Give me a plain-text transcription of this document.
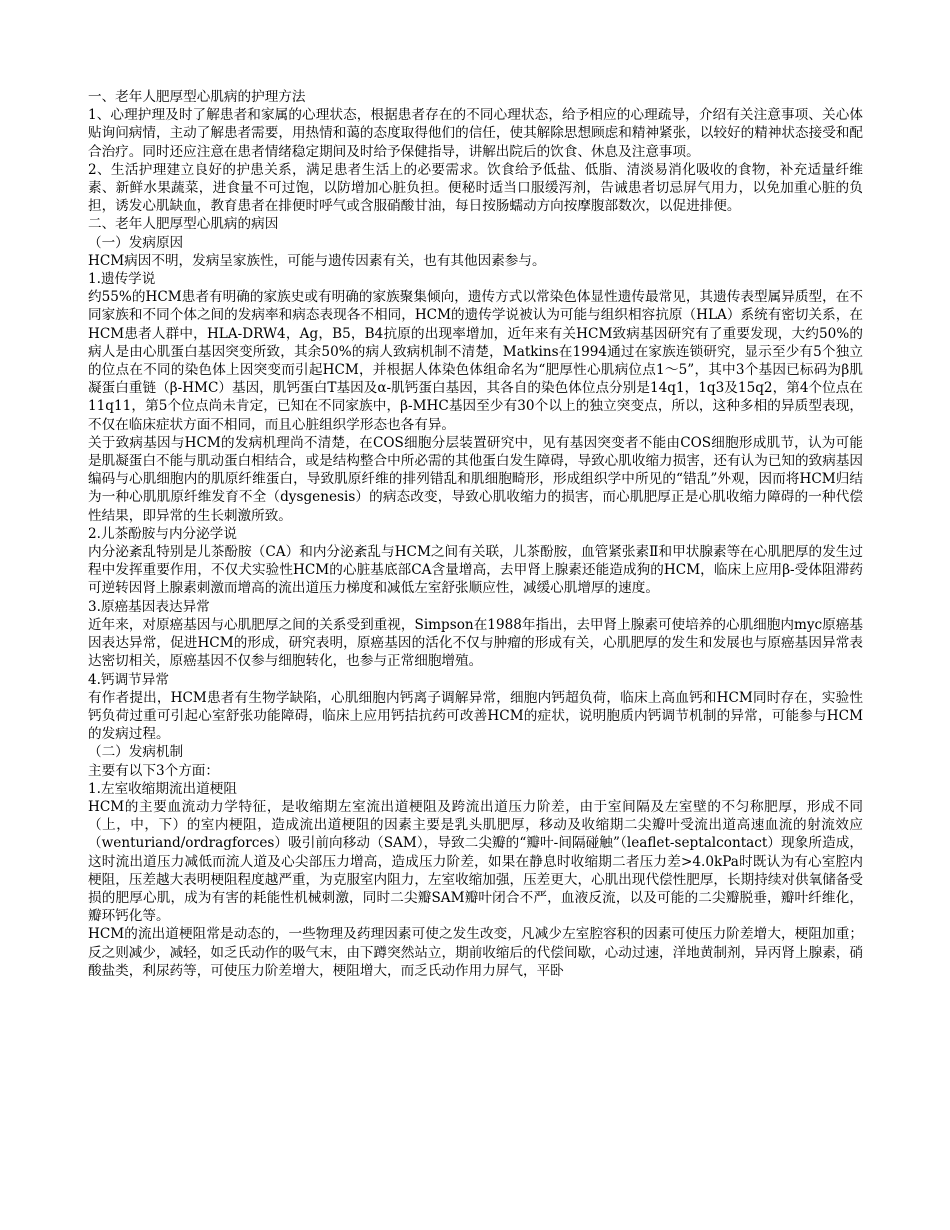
一、老年人肥厚型心肌病的护理方法

1、心理护理及时了解患者和家属的心理状态，根据患者存在的不同心理状态，给予相应的心理疏导，介绍有关注意事项、关心体贴询问病情，主动了解患者需要，用热情和蔼的态度取得他们的信任，使其解除思想顾虑和精神紧张，以较好的精神状态接受和配合治疗。同时还应注意在患者情绪稳定期间及时给予保健指导，讲解出院后的饮食、休息及注意事项。

2、生活护理建立良好的护患关系，满足患者生活上的必要需求。饮食给予低盐、低脂、清淡易消化吸收的食物，补充适量纤维素、新鲜水果蔬菜，进食量不可过饱，以防增加心脏负担。便秘时适当口服缓泻剂，告诫患者切忌屏气用力，以免加重心脏的负担，诱发心肌缺血，教育患者在排便时呼气或含服硝酸甘油，每日按肠蠕动方向按摩腹部数次，以促进排便。

二、老年人肥厚型心肌病的病因

（一）发病原因

HCM病因不明，发病呈家族性，可能与遗传因素有关，也有其他因素参与。

1.遗传学说

约55%的HCM患者有明确的家族史或有明确的家族聚集倾向，遗传方式以常染色体显性遗传最常见，其遗传表型属异质型，在不同家族和不同个体之间的发病率和病态表现各不相同，HCM的遗传学说被认为可能与组织相容抗原（HLA）系统有密切关系，在HCM患者人群中，HLA-DRW4，Ag，B5，B4抗原的出现率增加，近年来有关HCM致病基因研究有了重要发现，大约50%的病人是由心肌蛋白基因突变所致，其余50%的病人致病机制不清楚，Matkins在1994通过在家族连锁研究，显示至少有5个独立的位点在不同的染色体上因突变而引起HCM，并根据人体染色体组命名为“肥厚性心肌病位点1～5”，其中3个基因已标码为β肌凝蛋白重链（β-HMC）基因，肌钙蛋白T基因及α-肌钙蛋白基因，其各自的染色体位点分别是14q1，1q3及15q2，第4个位点在11q11，第5个位点尚未肯定，已知在不同家族中，β-MHC基因至少有30个以上的独立突变点，所以，这种多相的异质型表现，不仅在临床症状方面不相同，而且心脏组织学形态也各有异。

关于致病基因与HCM的发病机理尚不清楚，在COS细胞分层装置研究中，见有基因突变者不能由COS细胞形成肌节，认为可能是肌凝蛋白不能与肌动蛋白相结合，或是结构整合中所必需的其他蛋白发生障碍，导致心肌收缩力损害，还有认为已知的致病基因编码与心肌细胞内的肌原纤维蛋白，导致肌原纤维的排列错乱和肌细胞畸形，形成组织学中所见的“错乱”外观，因而将HCM归结为一种心肌肌原纤维发育不全（dysgenesis）的病态改变，导致心肌收缩力的损害，而心肌肥厚正是心肌收缩力障碍的一种代偿性结果，即异常的生长刺激所致。

2.儿茶酚胺与内分泌学说

内分泌紊乱特别是儿茶酚胺（CA）和内分泌紊乱与HCM之间有关联，儿茶酚胺，血管紧张素Ⅱ和甲状腺素等在心肌肥厚的发生过程中发挥重要作用，不仅犬实验性HCM的心脏基底部CA含量增高，去甲肾上腺素还能造成狗的HCM，临床上应用β-受体阻滞药可逆转因肾上腺素刺激而增高的流出道压力梯度和减低左室舒张顺应性，减缓心肌增厚的速度。

3.原癌基因表达异常

近年来，对原癌基因与心肌肥厚之间的关系受到重视，Simpson在1988年指出，去甲肾上腺素可使培养的心肌细胞内myc原癌基因表达异常，促进HCM的形成，研究表明，原癌基因的活化不仅与肿瘤的形成有关，心肌肥厚的发生和发展也与原癌基因异常表达密切相关，原癌基因不仅参与细胞转化，也参与正常细胞增殖。

4.钙调节异常

有作者提出，HCM患者有生物学缺陷，心肌细胞内钙离子调解异常，细胞内钙超负荷，临床上高血钙和HCM同时存在，实验性钙负荷过重可引起心室舒张功能障碍，临床上应用钙拮抗药可改善HCM的症状，说明胞质内钙调节机制的异常，可能参与HCM的发病过程。

（二）发病机制

主要有以下3个方面：

1.左室收缩期流出道梗阻

HCM的主要血流动力学特征，是收缩期左室流出道梗阻及跨流出道压力阶差，由于室间隔及左室壁的不匀称肥厚，形成不同（上，中，下）的室内梗阻，造成流出道梗阻的因素主要是乳头肌肥厚，移动及收缩期二尖瓣叶受流出道高速血流的射流效应（wenturiand/ordragforces）吸引前向移动（SAM），导致二尖瓣的“瓣叶-间隔碰触”（leaflet-septalcontact）现象所造成，这时流出道压力减低而流人道及心尖部压力增高，造成压力阶差，如果在静息时收缩期二者压力差>4.0kPa时既认为有心室腔内梗阻，压差越大表明梗阻程度越严重，为克服室内阻力，左室收缩加强，压差更大，心肌出现代偿性肥厚，长期持续对供氧储备受损的肥厚心肌，成为有害的耗能性机械刺激，同时二尖瓣SAM瓣叶闭合不严，血液反流，以及可能的二尖瓣脱垂，瓣叶纤维化，瓣环钙化等。

HCM的流出道梗阻常是动态的，一些物理及药理因素可使之发生改变，凡减少左室腔容积的因素可使压力阶差增大，梗阻加重；反之则减少，减轻，如乏氏动作的吸气末，由下蹲突然站立，期前收缩后的代偿间歇，心动过速，洋地黄制剂，异丙肾上腺素，硝酸盐类，利尿药等，可使压力阶差增大，梗阻增大，而乏氏动作用力屏气，平卧
